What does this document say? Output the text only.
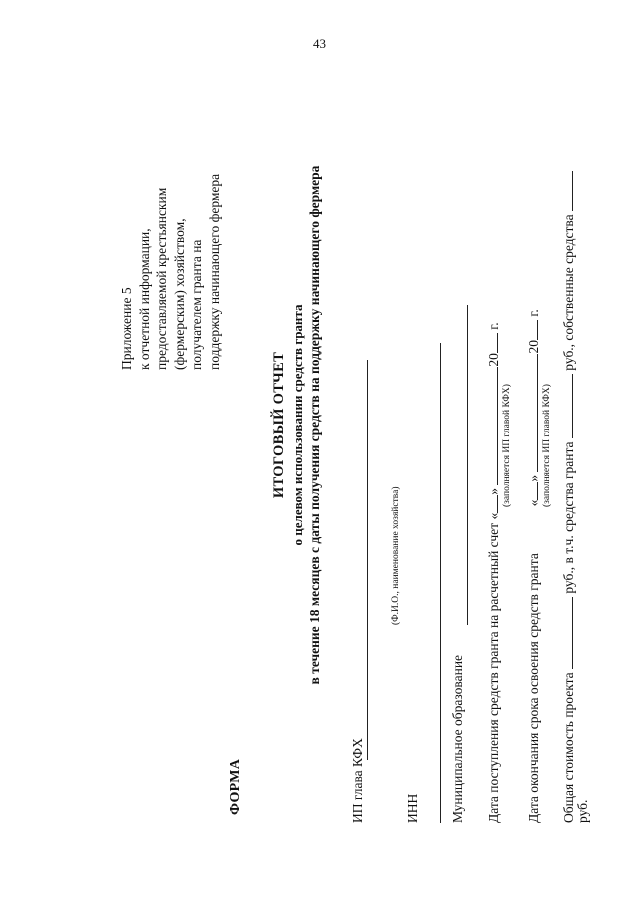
43
Приложение 5 к отчетной информации, предоставляемой крестьянским (фермерским) хозяйством, получателем гранта на поддержку начинающего фермера
ФОРМА
ИТОГОВЫЙ ОТЧЕТ о целевом использовании средств гранта в течение 18 месяцев с даты получения средств на поддержку начинающего фермера
ИП глава КФХ
(Ф.И.О., наименование хозяйства)
ИНН Муниципальное образование Дата поступления средств гранта на расчетный счет «» 20 г.
(заполняется ИП главой КФХ)
Дата окончания срока освоения средств гранта  «» 20 г.
(заполняется ИП главой КФХ)
Общая стоимость проекта  руб., в т.ч. средства гранта  руб., собственные средства
руб.
